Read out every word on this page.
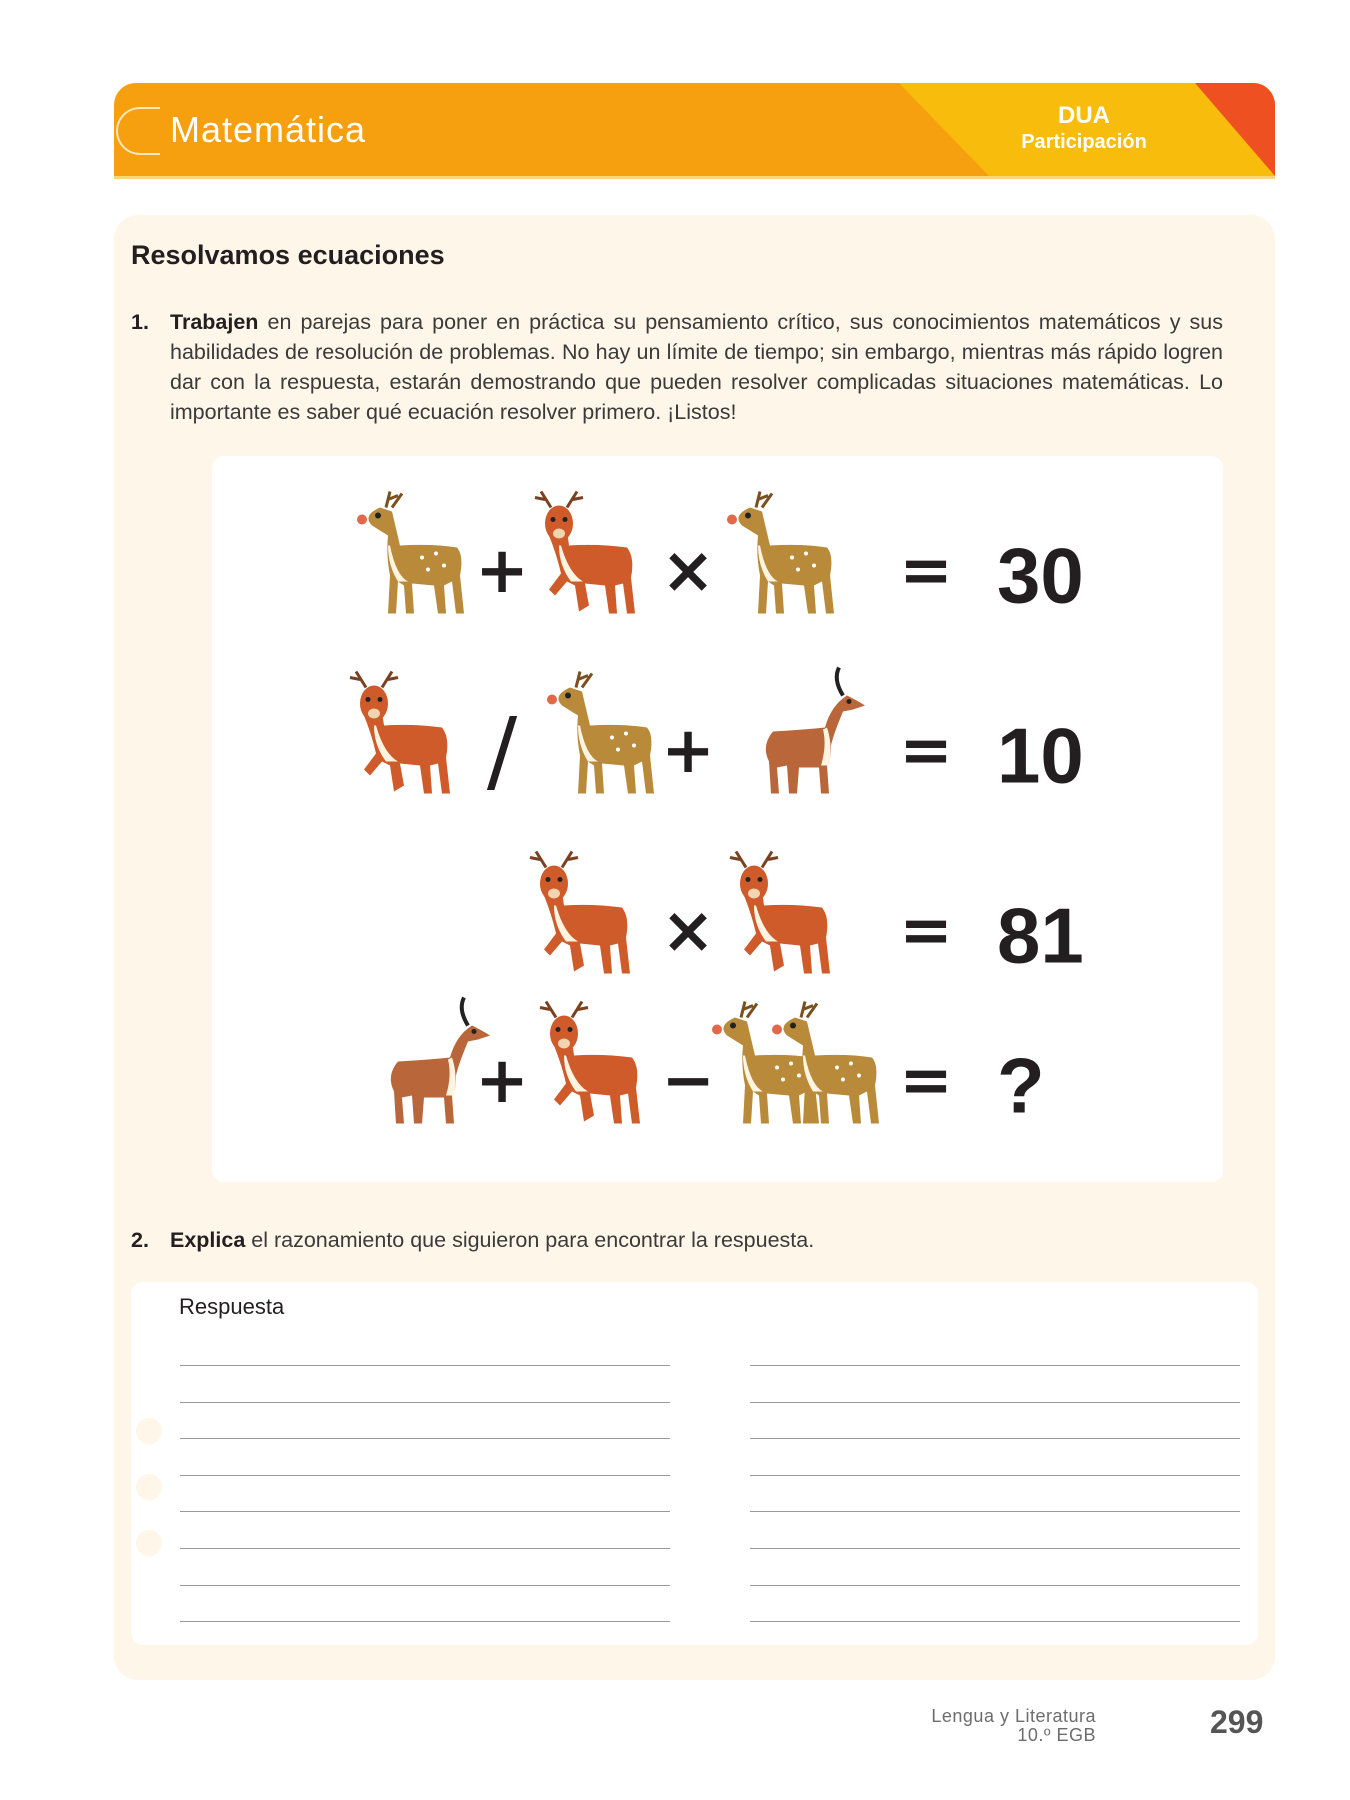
Matemática	DUA
Participación
Resolvamos ecuaciones
1. Trabajen en parejas para poner en práctica su pensamiento crítico, sus conocimientos matemáticos y sus habilidades de resolución de problemas. No hay un límite de tiempo; sin embargo, mientras más rápido logren dar con la respuesta, estarán demostrando que pueden resolver complicadas situaciones matemáticas. Lo importante es saber qué ecuación resolver primero. ¡Listos!
+ ×	= 30
/ +	= 10
×	= 81
+ −	= ?
2. Explica el razonamiento que siguieron para encontrar la respuesta.
Respuesta
Lengua y Literatura
10.º EGB	299
